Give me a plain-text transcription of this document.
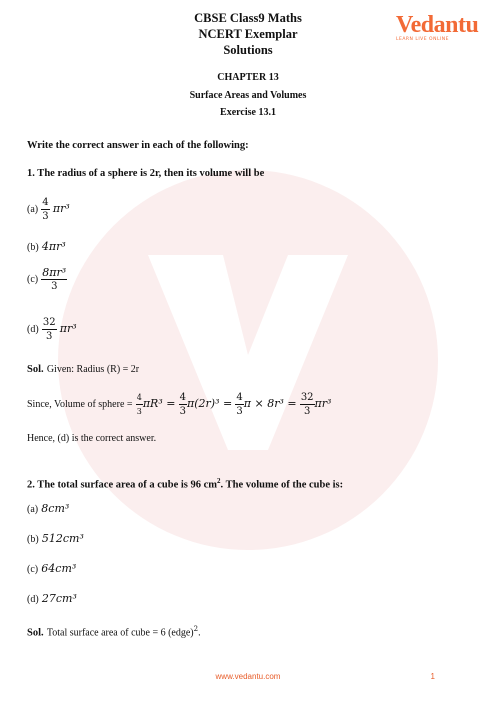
CBSE Class9 Maths
NCERT Exemplar
Solutions
Vedantu
LEARN LIVE ONLINE
CHAPTER 13
Surface Areas and Volumes
Exercise 13.1
Write the correct answer in each of the following:
1. The radius of a sphere is 2r, then its volume will be
$(a) \frac{4}{3} \pi r^3$
(b) 4πr³
$(c) \frac{\text{8πr³}}{3}$
$(d) \frac{32}{3} \pi r^3$
Sol. Given: Radius (R) = 2r
Since, Volume of sphere = $\frac{4}{3} \pi R^3 = \frac{4}{3} \pi(2r)^3 = \frac{4}{3}$ $\pi \times 8r^3 = \frac{32}{3} \pi r^3$
Hence, (d) is the correct answer.
2. The total surface area of a cube is 96 $cm^2$. The volume of the cube is:
(a) 8cm³
(b) 512cm³
(c) 64cm³
(d) 27cm³
Sol. Total surface area of cube = 6 (edge)$^2$.
www.vedantu.com	1
